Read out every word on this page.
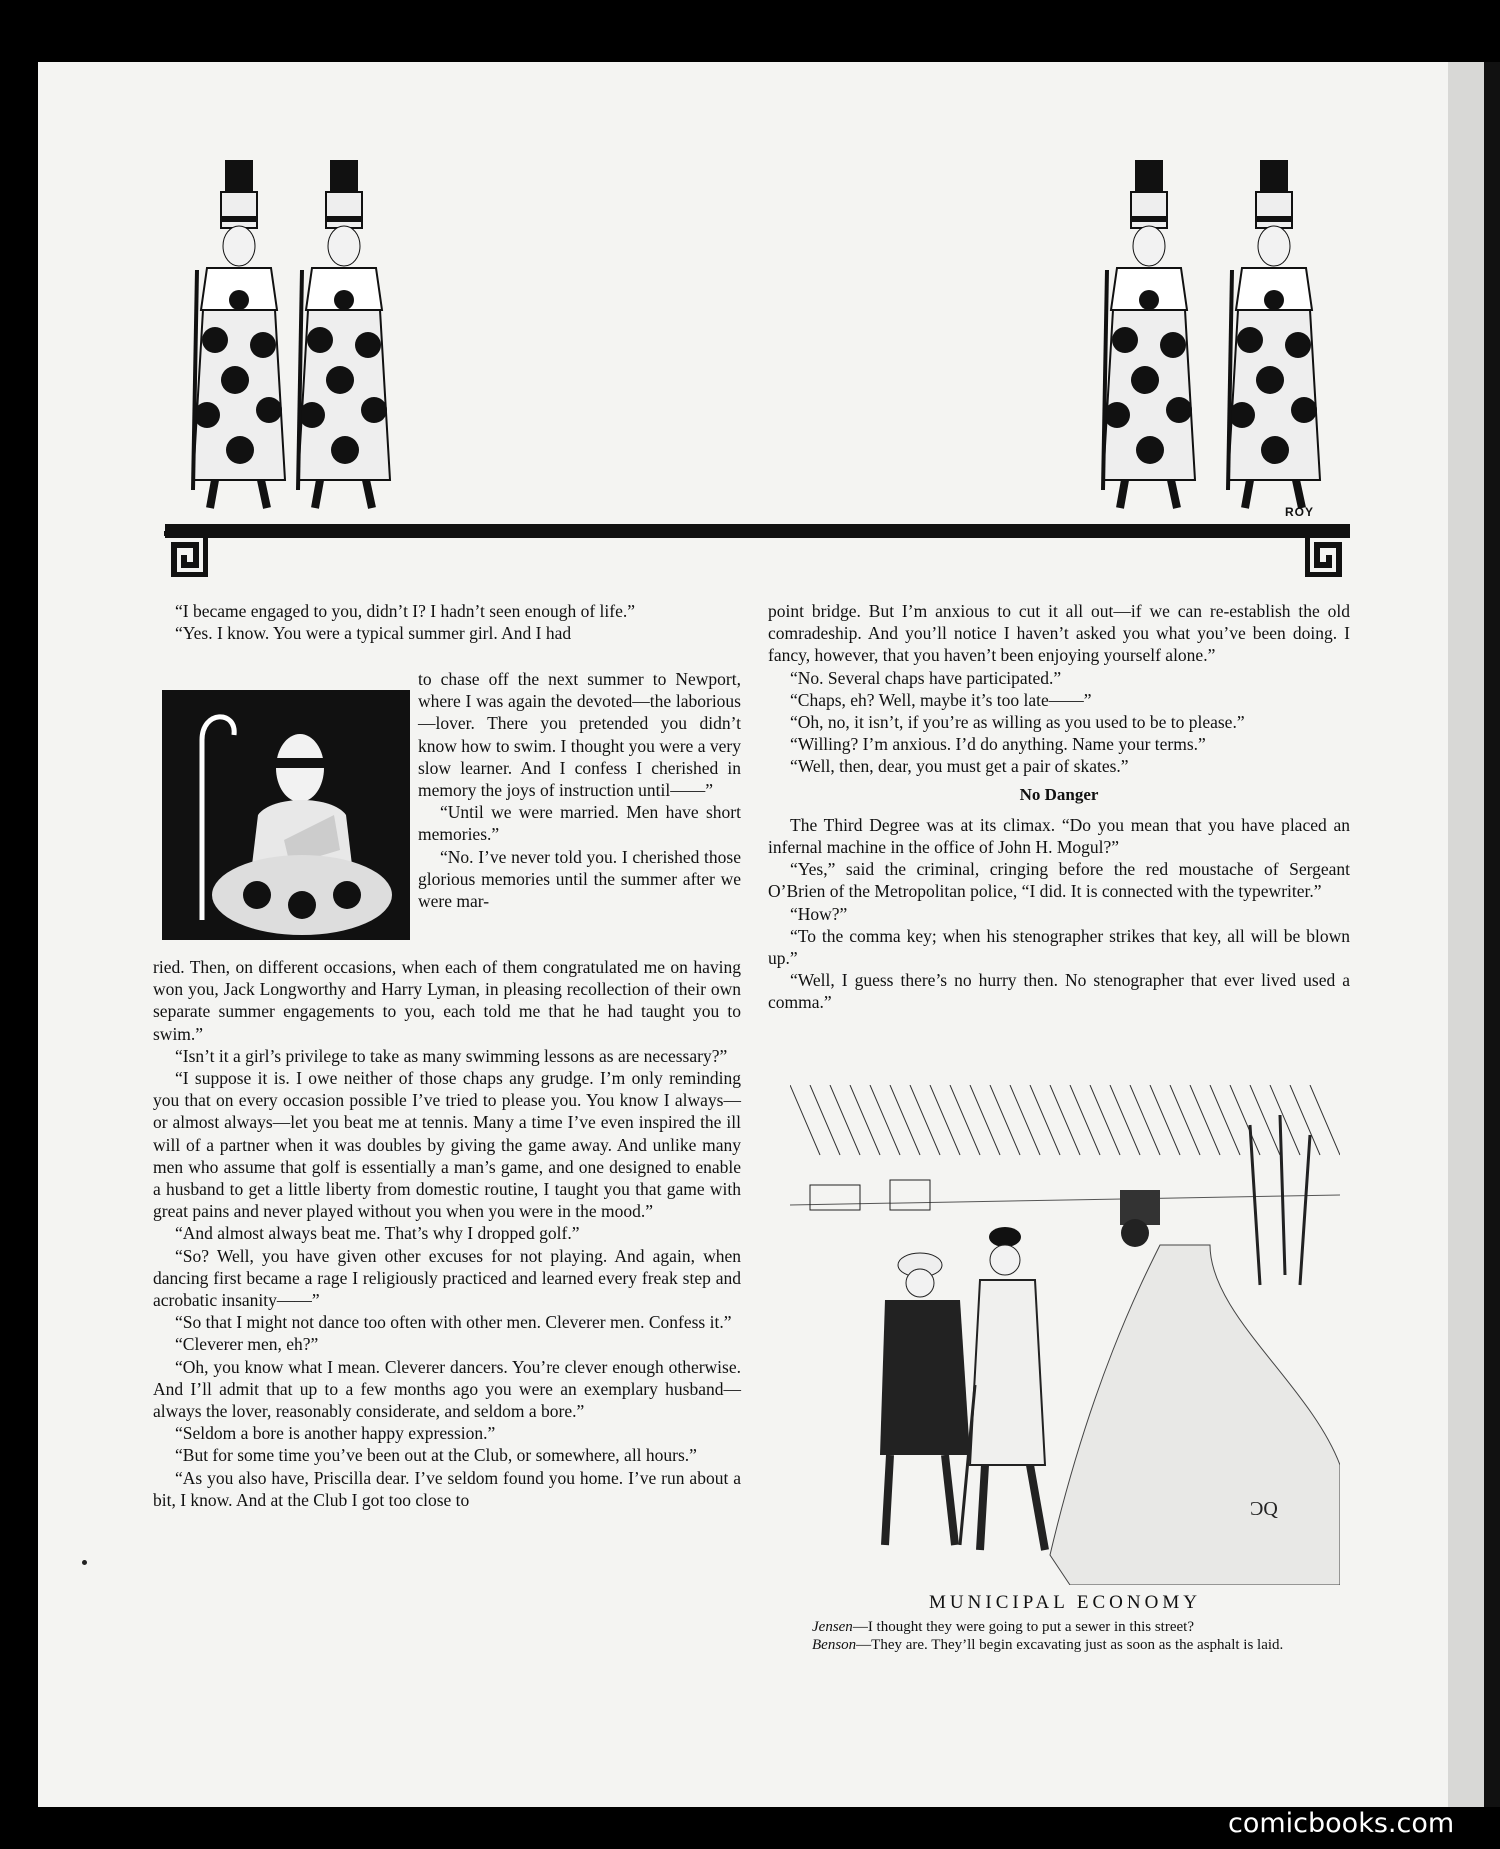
ROY

“I became engaged to you, didn’t I? I hadn’t seen enough of life.”

“Yes. I know. You were a typical summer girl. And I had

to chase off the next summer to Newport, where I was again the devoted—the laborious—lover. There you pretended you didn’t know how to swim. I thought you were a very slow learner. And I confess I cherished in memory the joys of instruction until——”

“Until we were married. Men have short memories.”

“No. I’ve never told you. I cherished those glorious memories until the summer after we were mar-

ried. Then, on different occasions, when each of them congratulated me on having won you, Jack Longworthy and Harry Lyman, in pleasing recollection of their own separate summer engagements to you, each told me that he had taught you to swim.”

“Isn’t it a girl’s privilege to take as many swimming lessons as are necessary?”

“I suppose it is. I owe neither of those chaps any grudge. I’m only reminding you that on every occasion possible I’ve tried to please you. You know I always—or almost always—let you beat me at tennis. Many a time I’ve even inspired the ill will of a partner when it was doubles by giving the game away. And unlike many men who assume that golf is essentially a man’s game, and one designed to enable a husband to get a little liberty from domestic routine, I taught you that game with great pains and never played without you when you were in the mood.”

“And almost always beat me. That’s why I dropped golf.”

“So? Well, you have given other excuses for not playing. And again, when dancing first became a rage I religiously practiced and learned every freak step and acrobatic insanity——”

“So that I might not dance too often with other men. Cleverer men. Confess it.”

“Cleverer men, eh?”

“Oh, you know what I mean. Cleverer dancers. You’re clever enough otherwise. And I’ll admit that up to a few months ago you were an exemplary husband—always the lover, reasonably considerate, and seldom a bore.”

“Seldom a bore is another happy expression.”

“But for some time you’ve been out at the Club, or somewhere, all hours.”

“As you also have, Priscilla dear. I’ve seldom found you home. I’ve run about a bit, I know. And at the Club I got too close to

point bridge. But I’m anxious to cut it all out—if we can re-establish the old comradeship. And you’ll notice I haven’t asked you what you’ve been doing. I fancy, however, that you haven’t been enjoying yourself alone.”

“No. Several chaps have participated.”

“Chaps, eh? Well, maybe it’s too late——”

“Oh, no, it isn’t, if you’re as willing as you used to be to please.”

“Willing? I’m anxious. I’d do anything. Name your terms.”

“Well, then, dear, you must get a pair of skates.”

No Danger

The Third Degree was at its climax. “Do you mean that you have placed an infernal machine in the office of John H. Mogul?”

“Yes,” said the criminal, cringing before the red moustache of Sergeant O’Brien of the Metropolitan police, “I did. It is connected with the typewriter.”

“How?”

“To the comma key; when his stenographer strikes that key, all will be blown up.”

“Well, I guess there’s no hurry then. No stenographer that ever lived used a comma.”

ƆQ
MUNICIPAL ECONOMY

Jensen—I thought they were going to put a sewer in this street?

Benson—They are. They’ll begin excavating just as soon as the asphalt is laid.

comicbooks.com
